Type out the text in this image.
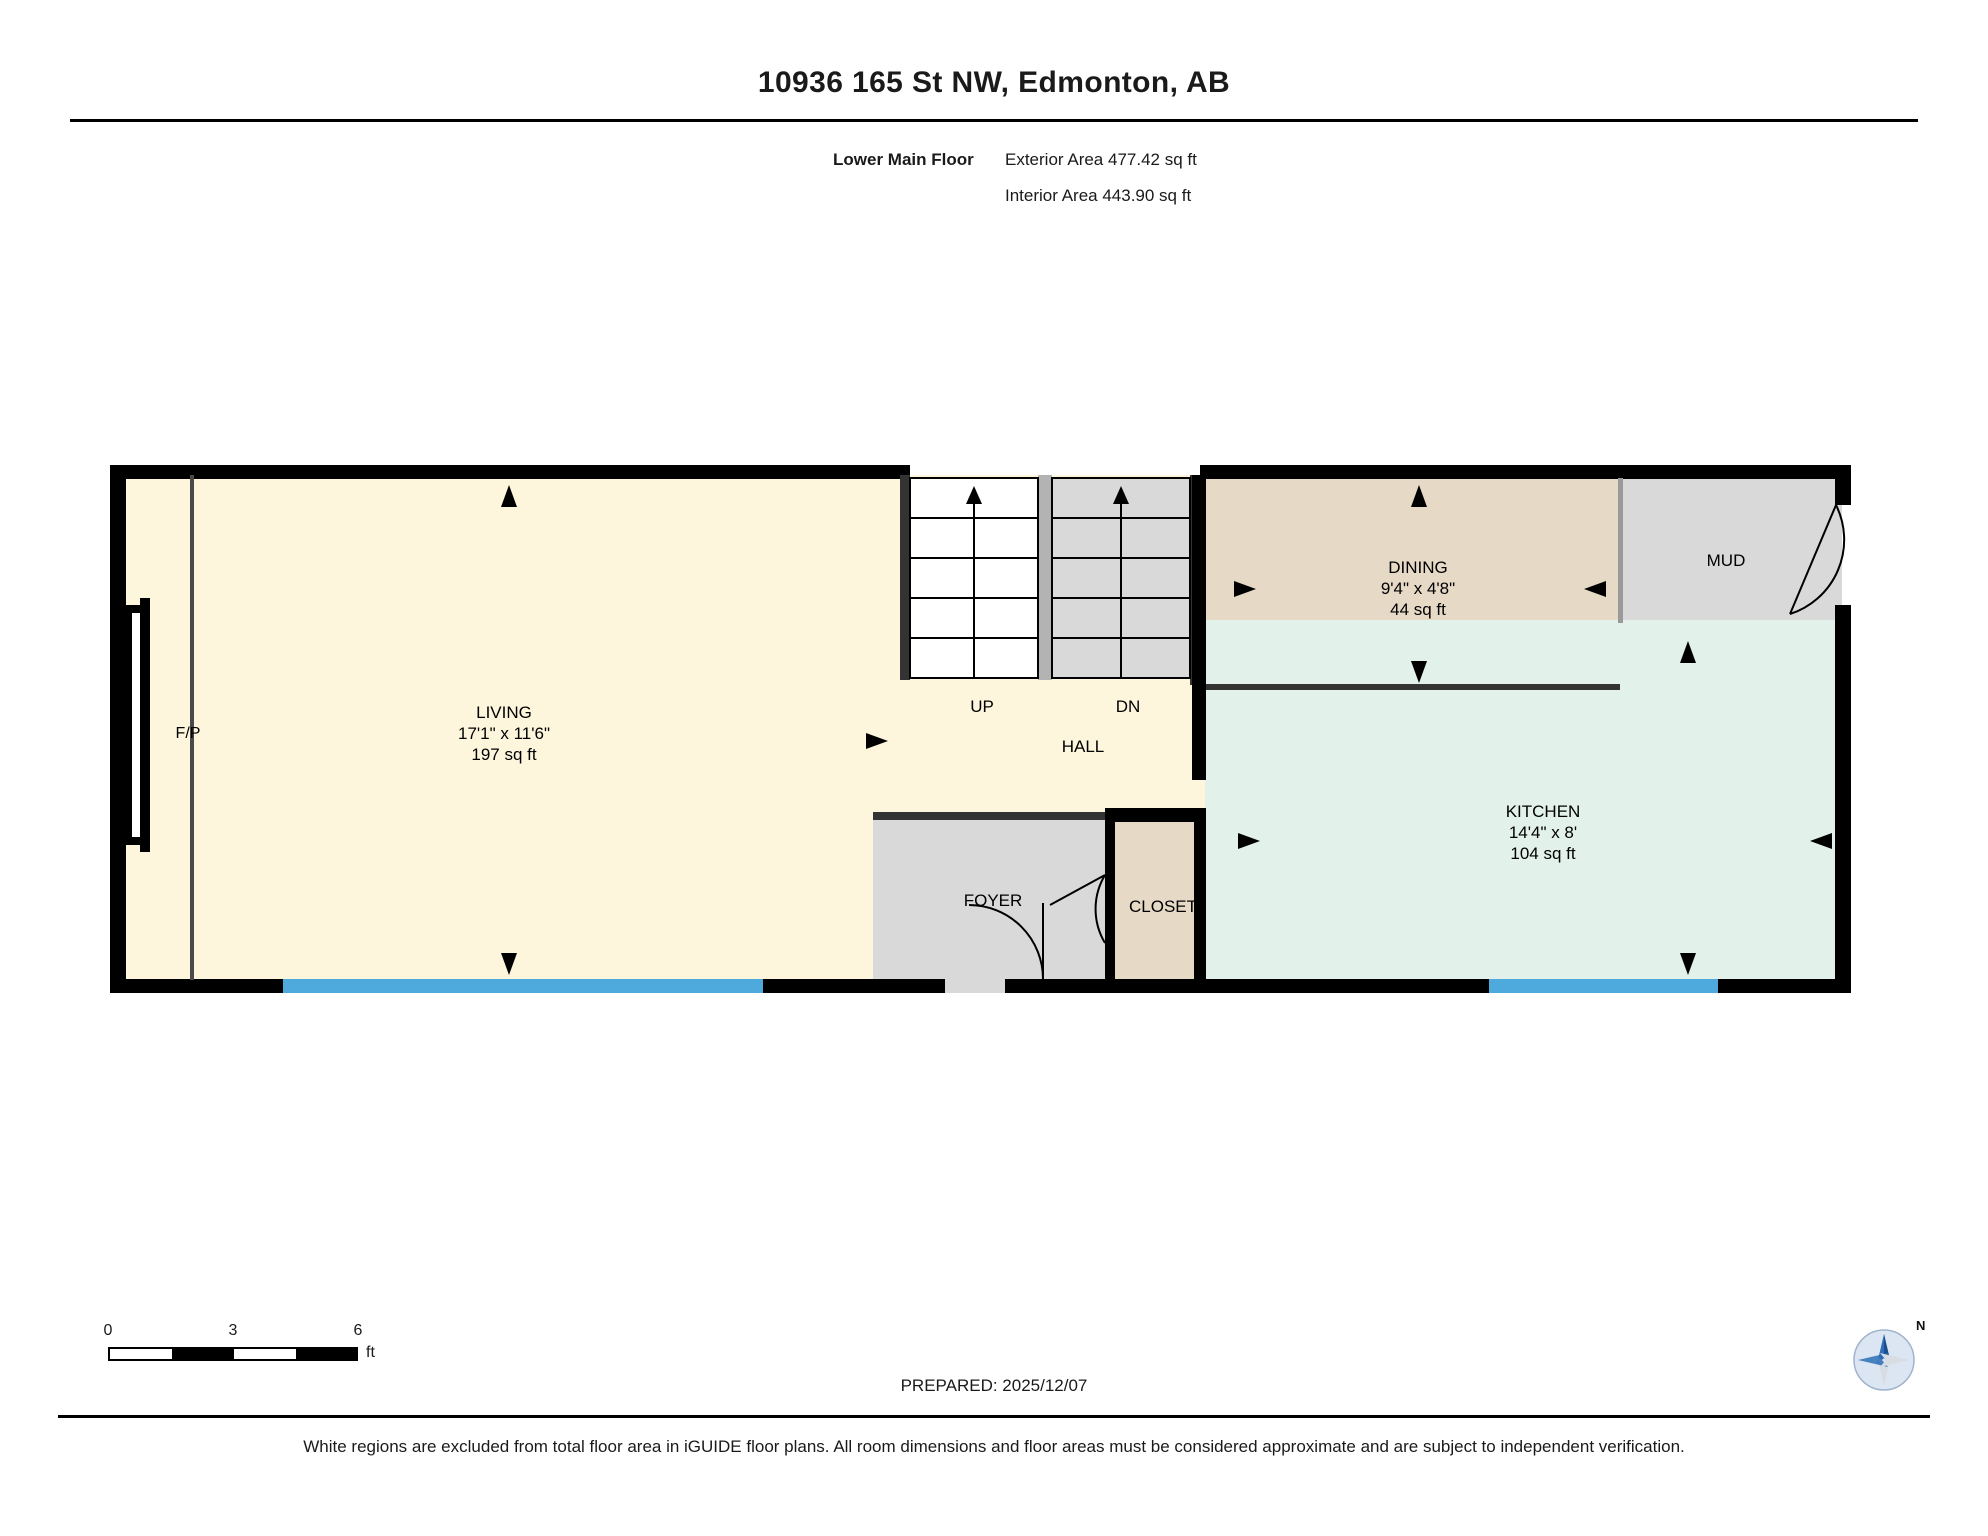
10936 165 St NW, Edmonton, AB
Lower Main Floor Exterior Area 477.42 sq ft
Interior Area 443.90 sq ft
LIVING
17'1" x 11'6"
197 sq ft
DINING
9'4" x 4'8"
44 sq ft
KITCHEN
14'4" x 8'
104 sq ft
MUD
HALL
FOYER	CLOSET
F/P
UP	DN
0	3	6
ft
PREPARED: 2025/12/07
N
White regions are excluded from total floor area in iGUIDE floor plans. All room dimensions and floor areas must be considered approximate and are subject to independent verification.
